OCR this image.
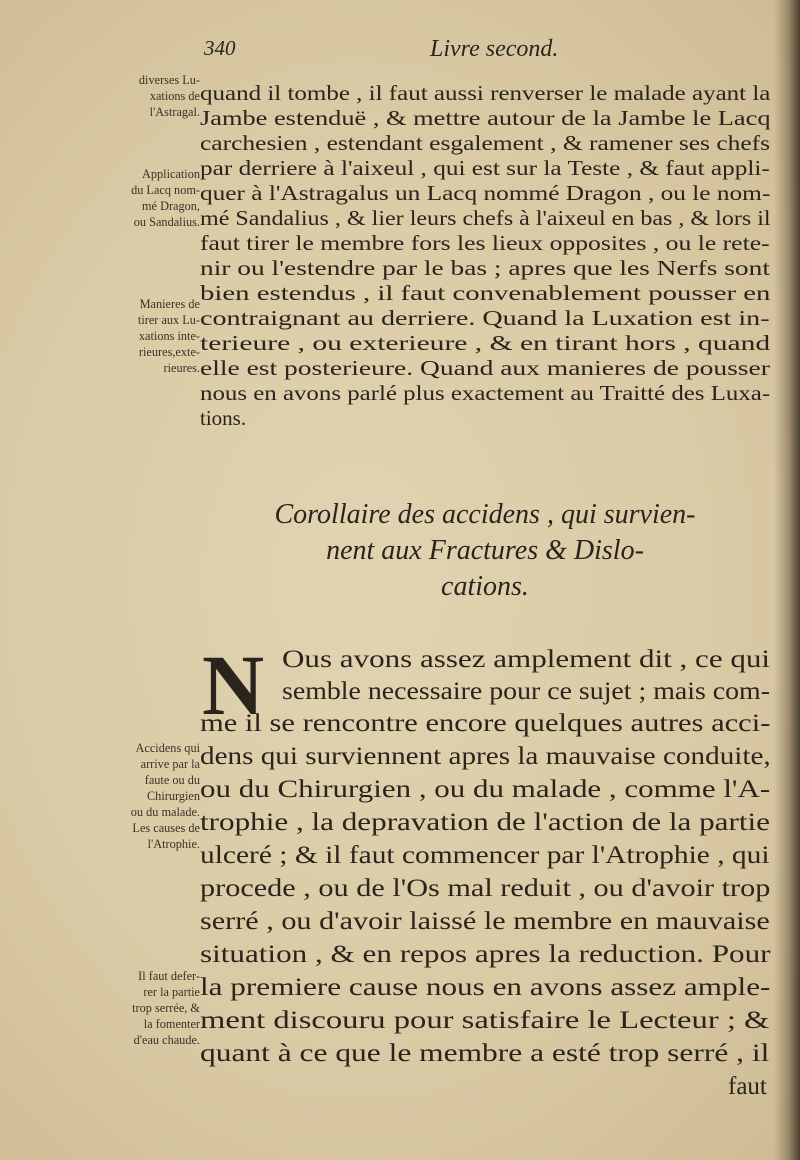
340	Livre second.
diverses Lu-
xations de
l'Astragal.
Application
du Lacq nom-
mé Dragon,
ou Sandalius.
Manieres de
tirer aux Lu-
xations inte-
rieures,exte-
rieures.
Accidens qui
arrive par la
faute ou du
Chirurgien
ou du malade.
Les causes de
l'Atrophie.
Il faut defer-
rer la partie
trop serrée, &
la fomenter
d'eau chaude.
quand il tombe , il faut aussi renverser le malade ayant la
Jambe estenduë , & mettre autour de la Jambe le Lacq
carchesien , estendant esgalement , & ramener ses chefs
par derriere à l'aixeul , qui est sur la Teste , & faut appli-
quer à l'Astragalus un Lacq nommé Dragon , ou le nom-
mé Sandalius , & lier leurs chefs à l'aixeul en bas , & lors il
faut tirer le membre fors les lieux opposites , ou le rete-
nir ou l'estendre par le bas ; apres que les Nerfs sont
bien estendus , il faut convenablement pousser en
contraignant au derriere. Quand la Luxation est in-
terieure , ou exterieure , & en tirant hors , quand
elle est posterieure. Quand aux manieres de pousser
nous en avons parlé plus exactement au Traitté des Luxa-
tions.
Corollaire des accidens , qui survien-
nent aux Fractures & Dislo-
cations.
N Ous avons assez amplement dit , ce qui
semble necessaire pour ce sujet ; mais com-
me il se rencontre encore quelques autres acci-
dens qui surviennent apres la mauvaise conduite,
ou du Chirurgien , ou du malade , comme l'A-
trophie , la depravation de l'action de la partie
ulceré ; & il faut commencer par l'Atrophie , qui
procede , ou de l'Os mal reduit , ou d'avoir trop
serré , ou d'avoir laissé le membre en mauvaise
situation , & en repos apres la reduction. Pour
la premiere cause nous en avons assez ample-
ment discouru pour satisfaire le Lecteur ; &
quant à ce que le membre a esté trop serré , il
faut
